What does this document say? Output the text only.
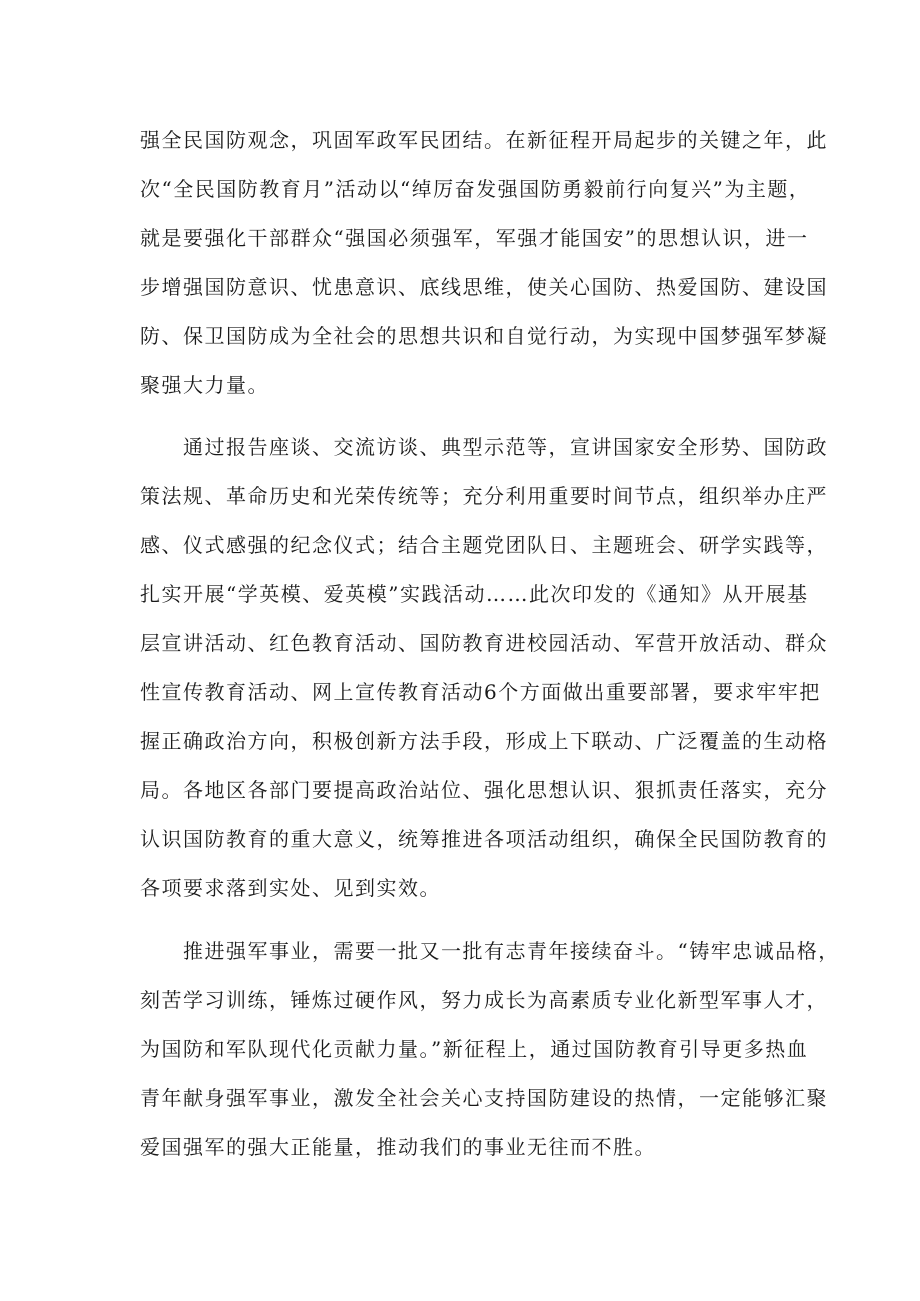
强全民国防观念，巩固军政军民团结。在新征程开局起步的关键之年，此
次“全民国防教育月”活动以“绰厉奋发强国防勇毅前行向复兴”为主题，
就是要强化干部群众“强国必须强军，军强才能国安”的思想认识，进一
步增强国防意识、忧患意识、底线思维，使关心国防、热爱国防、建设国
防、保卫国防成为全社会的思想共识和自觉行动，为实现中国梦强军梦凝
聚强大力量。
　　通过报告座谈、交流访谈、典型示范等，宣讲国家安全形势、国防政
策法规、革命历史和光荣传统等；充分利用重要时间节点，组织举办庄严
感、仪式感强的纪念仪式；结合主题党团队日、主题班会、研学实践等，
扎实开展“学英模、爱英模”实践活动……此次印发的《通知》从开展基
层宣讲活动、红色教育活动、国防教育进校园活动、军营开放活动、群众
性宣传教育活动、网上宣传教育活动6个方面做出重要部署，要求牢牢把
握正确政治方向，积极创新方法手段，形成上下联动、广泛覆盖的生动格
局。各地区各部门要提高政治站位、强化思想认识、狠抓责任落实，充分
认识国防教育的重大意义，统筹推进各项活动组织，确保全民国防教育的
各项要求落到实处、见到实效。
　　推进强军事业，需要一批又一批有志青年接续奋斗。“铸牢忠诚品格，
刻苦学习训练，锤炼过硬作风，努力成长为高素质专业化新型军事人才，
为国防和军队现代化贡献力量。”新征程上，通过国防教育引导更多热血
青年献身强军事业，激发全社会关心支持国防建设的热情，一定能够汇聚
爱国强军的强大正能量，推动我们的事业无往而不胜。
